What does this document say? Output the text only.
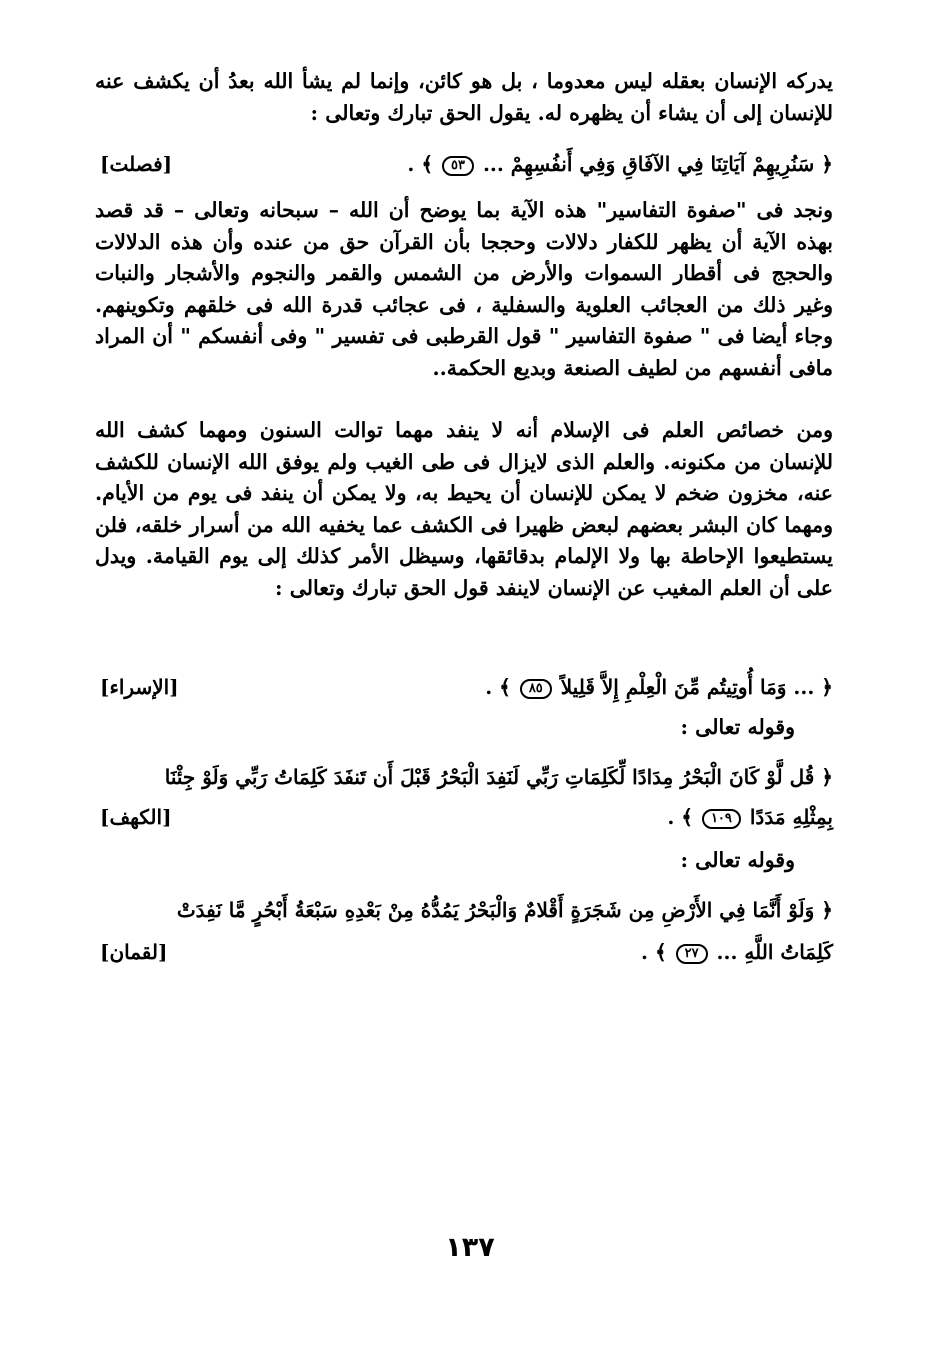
يدركه الإنسان بعقله ليس معدوما ، بل هو كائن، وإنما لم يشأ الله بعدُ أن يكشف عنه للإنسان إلى أن يشاء أن يظهره له. يقول الحق تبارك وتعالى :
﴿ سَنُرِيهِمْ آيَاتِنَا فِي الآفَاقِ وَفِي أَنفُسِهِمْ ... ٥٣ ﴾ .
[فصلت]
ونجد فى "صفوة التفاسير" هذه الآية بما يوضح أن الله – سبحانه وتعالى – قد قصد بهذه الآية أن يظهر للكفار دلالات وحججا بأن القرآن حق من عنده وأن هذه الدلالات والحجج فى أقطار السموات والأرض من الشمس والقمر والنجوم والأشجار والنبات وغير ذلك من العجائب العلوية والسفلية ، فى عجائب قدرة الله فى خلقهم وتكوينهم. وجاء أيضا فى " صفوة التفاسير " قول القرطبى فى تفسير " وفى أنفسكم " أن المراد مافى أنفسهم من لطيف الصنعة وبديع الحكمة..
ومن خصائص العلم فى الإسلام أنه لا ينفد مهما توالت السنون ومهما كشف الله للإنسان من مكنونه. والعلم الذى لايزال فى طى الغيب ولم يوفق الله الإنسان للكشف عنه، مخزون ضخم لا يمكن للإنسان أن يحيط به، ولا يمكن أن ينفد فى يوم من الأيام. ومهما كان البشر بعضهم لبعض ظهيرا فى الكشف عما يخفيه الله من أسرار خلقه، فلن يستطيعوا الإحاطة بها ولا الإلمام بدقائقها، وسيظل الأمر كذلك إلى يوم القيامة. ويدل على أن العلم المغيب عن الإنسان لاينفد قول الحق تبارك وتعالى :
﴿ ... وَمَا أُوتِيتُم مِّنَ الْعِلْمِ إِلاَّ قَلِيلاً ٨٥ ﴾ .
[الإسراء]
وقوله تعالى :
﴿ قُل لَّوْ كَانَ الْبَحْرُ مِدَادًا لِّكَلِمَاتِ رَبِّي لَنَفِدَ الْبَحْرُ قَبْلَ أَن تَنفَدَ كَلِمَاتُ رَبِّي وَلَوْ جِئْنَا
بِمِثْلِهِ مَدَدًا ١٠٩ ﴾ .
[الكهف]
وقوله تعالى :
﴿ وَلَوْ أَنَّمَا فِي الأَرْضِ مِن شَجَرَةٍ أَقْلامٌ وَالْبَحْرُ يَمُدُّهُ مِنْ بَعْدِهِ سَبْعَةُ أَبْحُرٍ مَّا نَفِدَتْ
كَلِمَاتُ اللَّهِ ... ٢٧ ﴾ .
[لقمان]
١٣٧
